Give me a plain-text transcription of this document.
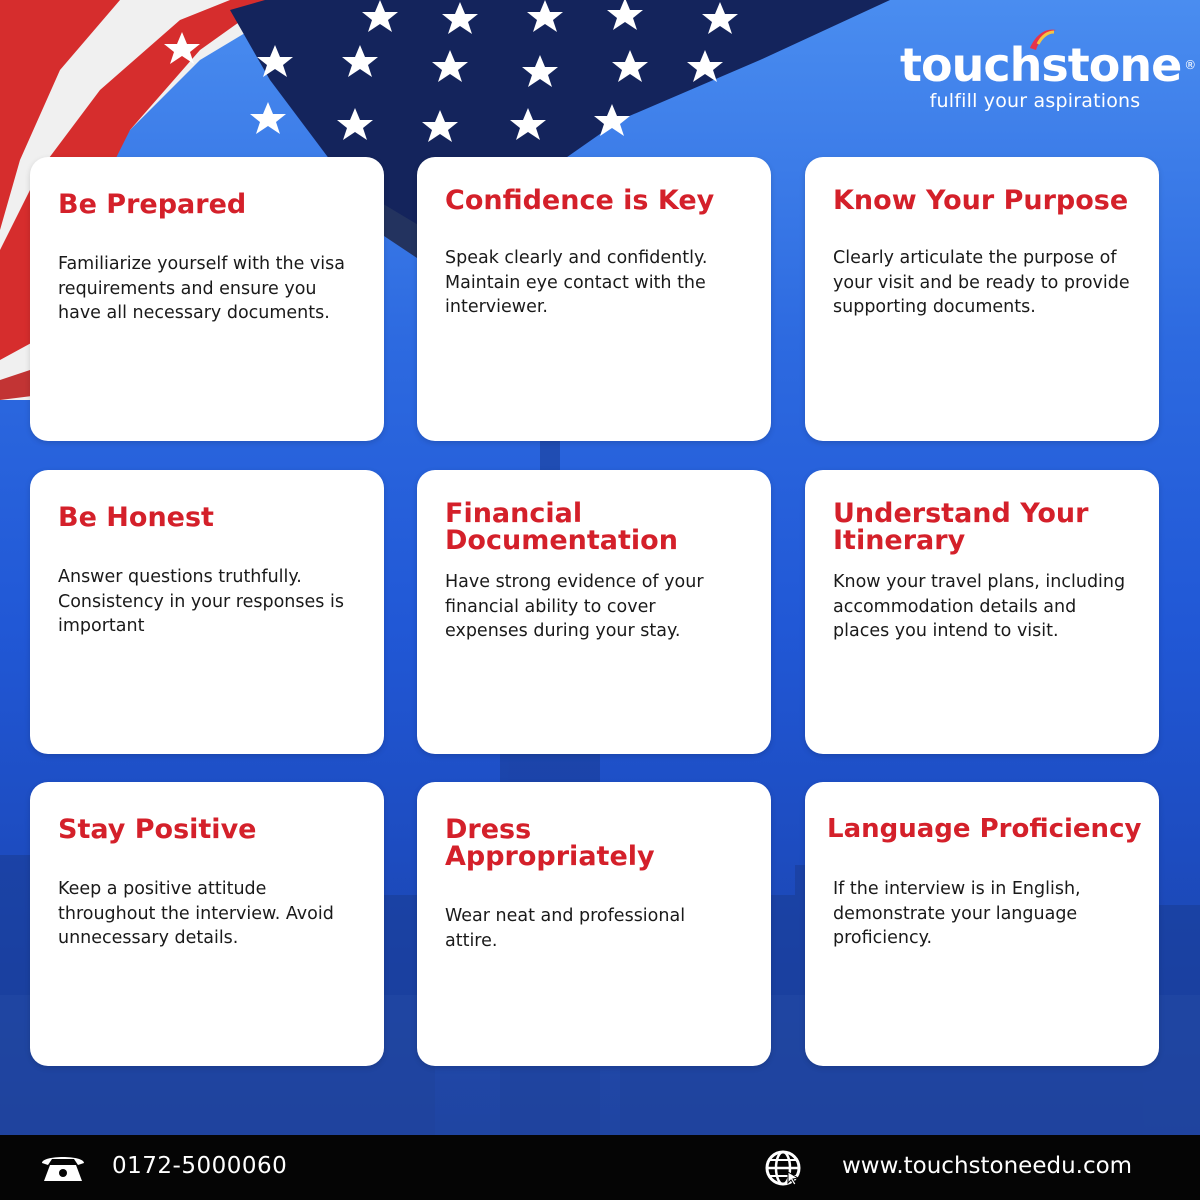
touchstone ®
fulfill your aspirations
Be Prepared

Familiarize yourself with the visa requirements and ensure you have all necessary documents.

Confidence is Key

Speak clearly and confidently. Maintain eye contact with the interviewer.

Know Your Purpose

Clearly articulate the purpose of your visit and be ready to provide supporting documents.

Be Honest

Answer questions truthfully. Consistency in your responses is important

Financial Documentation

Have strong evidence of your financial ability to cover expenses during your stay.

Understand Your Itinerary

Know your travel plans, including accommodation details and places you intend to visit.

Stay Positive

Keep a positive attitude throughout the interview. Avoid unnecessary details.

Dress Appropriately

Wear neat and professional attire.

Language Proficiency

If the interview is in English, demonstrate your language proficiency.

0172-5000060	www.touchstoneedu.com
